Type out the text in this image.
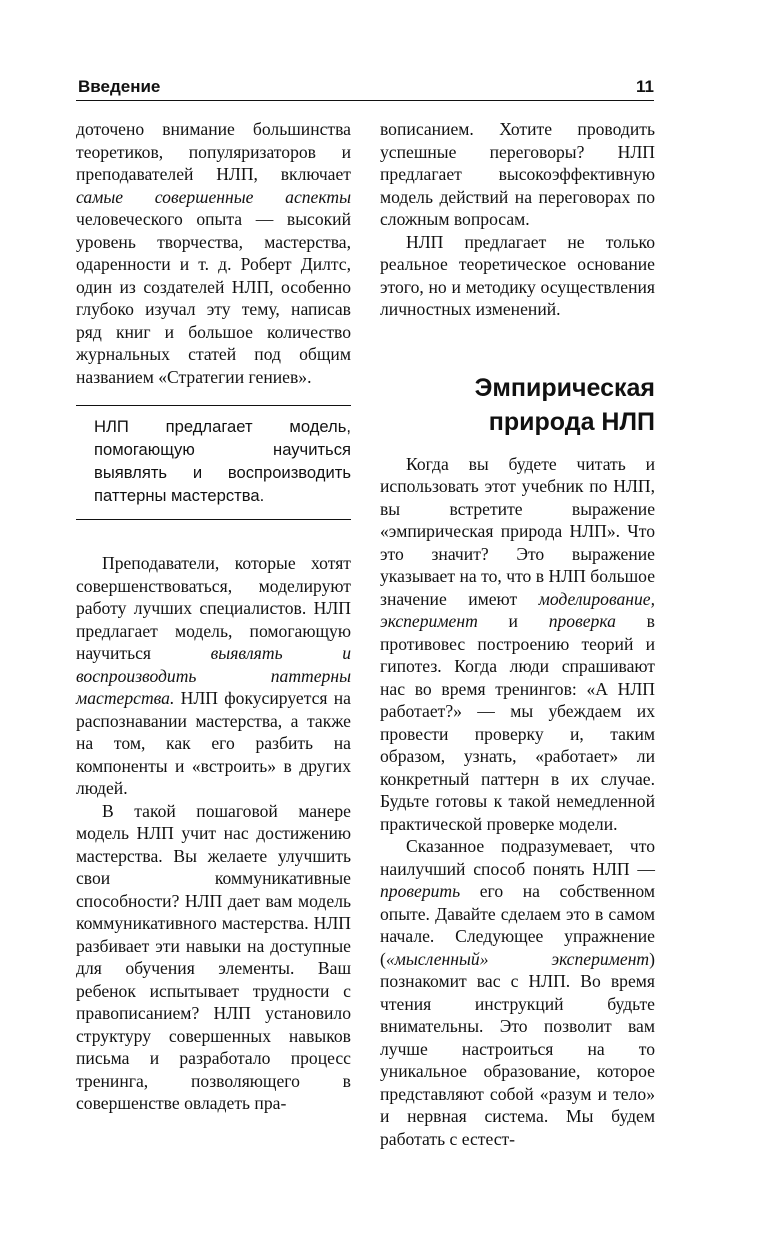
Введение	11

доточено внимание большинства теоретиков, популяризаторов и преподавателей НЛП, включает самые совершенные аспекты человеческого опыта — высокий уровень творчества, мастерства, одаренности и т. д. Роберт Дилтс, один из создателей НЛП, особенно глубоко изучал эту тему, написав ряд книг и большое количество журнальных статей под общим названием «Стратегии гениев».

НЛП предлагает модель, помогающую научиться выявлять и воспроизводить паттерны мастерства.

Преподаватели, которые хотят совершенствоваться, моделируют работу лучших специалистов. НЛП предлагает модель, помогающую научиться выявлять и воспроизводить паттерны мастерства. НЛП фокусируется на распознавании мастерства, а также на том, как его разбить на компоненты и «встроить» в других людей.

В такой пошаговой манере модель НЛП учит нас достижению мастерства. Вы желаете улучшить свои коммуникативные способности? НЛП дает вам модель коммуникативного мастерства. НЛП разбивает эти навыки на доступные для обучения элементы. Ваш ребенок испытывает трудности с правописанием? НЛП установило структуру совершенных навыков письма и разработало процесс тренинга, позволяющего в совершенстве овладеть пра-

вописанием. Хотите проводить успешные переговоры? НЛП предлагает высокоэффективную модель действий на переговорах по сложным вопросам.

НЛП предлагает не только реальное теоретическое основание этого, но и методику осуществления личностных изменений.

Эмпирическая
природа НЛП

Когда вы будете читать и использовать этот учебник по НЛП, вы встретите выражение «эмпирическая природа НЛП». Что это значит? Это выражение указывает на то, что в НЛП большое значение имеют моделирование, эксперимент и проверка в противовес построению теорий и гипотез. Когда люди спрашивают нас во время тренингов: «А НЛП работает?» — мы убеждаем их провести проверку и, таким образом, узнать, «работает» ли конкретный паттерн в их случае. Будьте готовы к такой немедленной практической проверке модели.

Сказанное подразумевает, что наилучший способ понять НЛП — проверить его на собственном опыте. Давайте сделаем это в самом начале. Следующее упражнение («мысленный» эксперимент) познакомит вас с НЛП. Во время чтения инструкций будьте внимательны. Это позволит вам лучше настроиться на то уникальное образование, которое представляют собой «разум и тело» и нервная система. Мы будем работать с естест-
